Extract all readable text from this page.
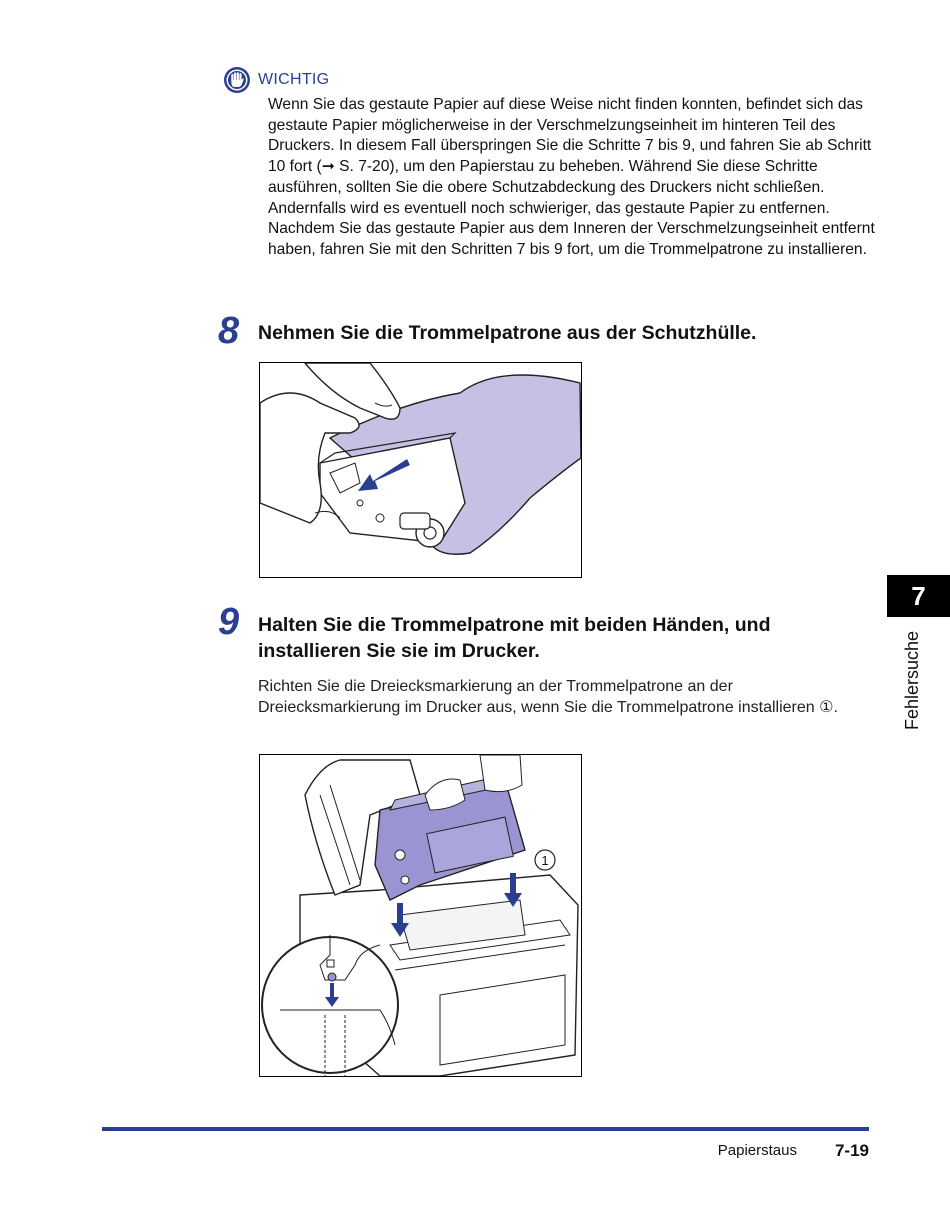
WICHTIG
Wenn Sie das gestaute Papier auf diese Weise nicht finden konnten, befindet sich das gestaute Papier möglicherweise in der Verschmelzungseinheit im hinteren Teil des Druckers. In diesem Fall überspringen Sie die Schritte 7 bis 9, und fahren Sie ab Schritt 10 fort (➞ S. 7-20), um den Papierstau zu beheben. Während Sie diese Schritte ausführen, sollten Sie die obere Schutzabdeckung des Druckers nicht schließen. Andernfalls wird es eventuell noch schwieriger, das gestaute Papier zu entfernen. Nachdem Sie das gestaute Papier aus dem Inneren der Verschmelzungseinheit entfernt haben, fahren Sie mit den Schritten 7 bis 9 fort, um die Trommelpatrone zu installieren.
8 Nehmen Sie die Trommelpatrone aus der Schutzhülle.
9 Halten Sie die Trommelpatrone mit beiden Händen, und installieren Sie sie im Drucker.
Richten Sie die Dreiecksmarkierung an der Trommelpatrone an der Dreiecksmarkierung im Drucker aus, wenn Sie die Trommelpatrone installieren ①.
1
7
Fehlersuche
Papierstaus	7-19
